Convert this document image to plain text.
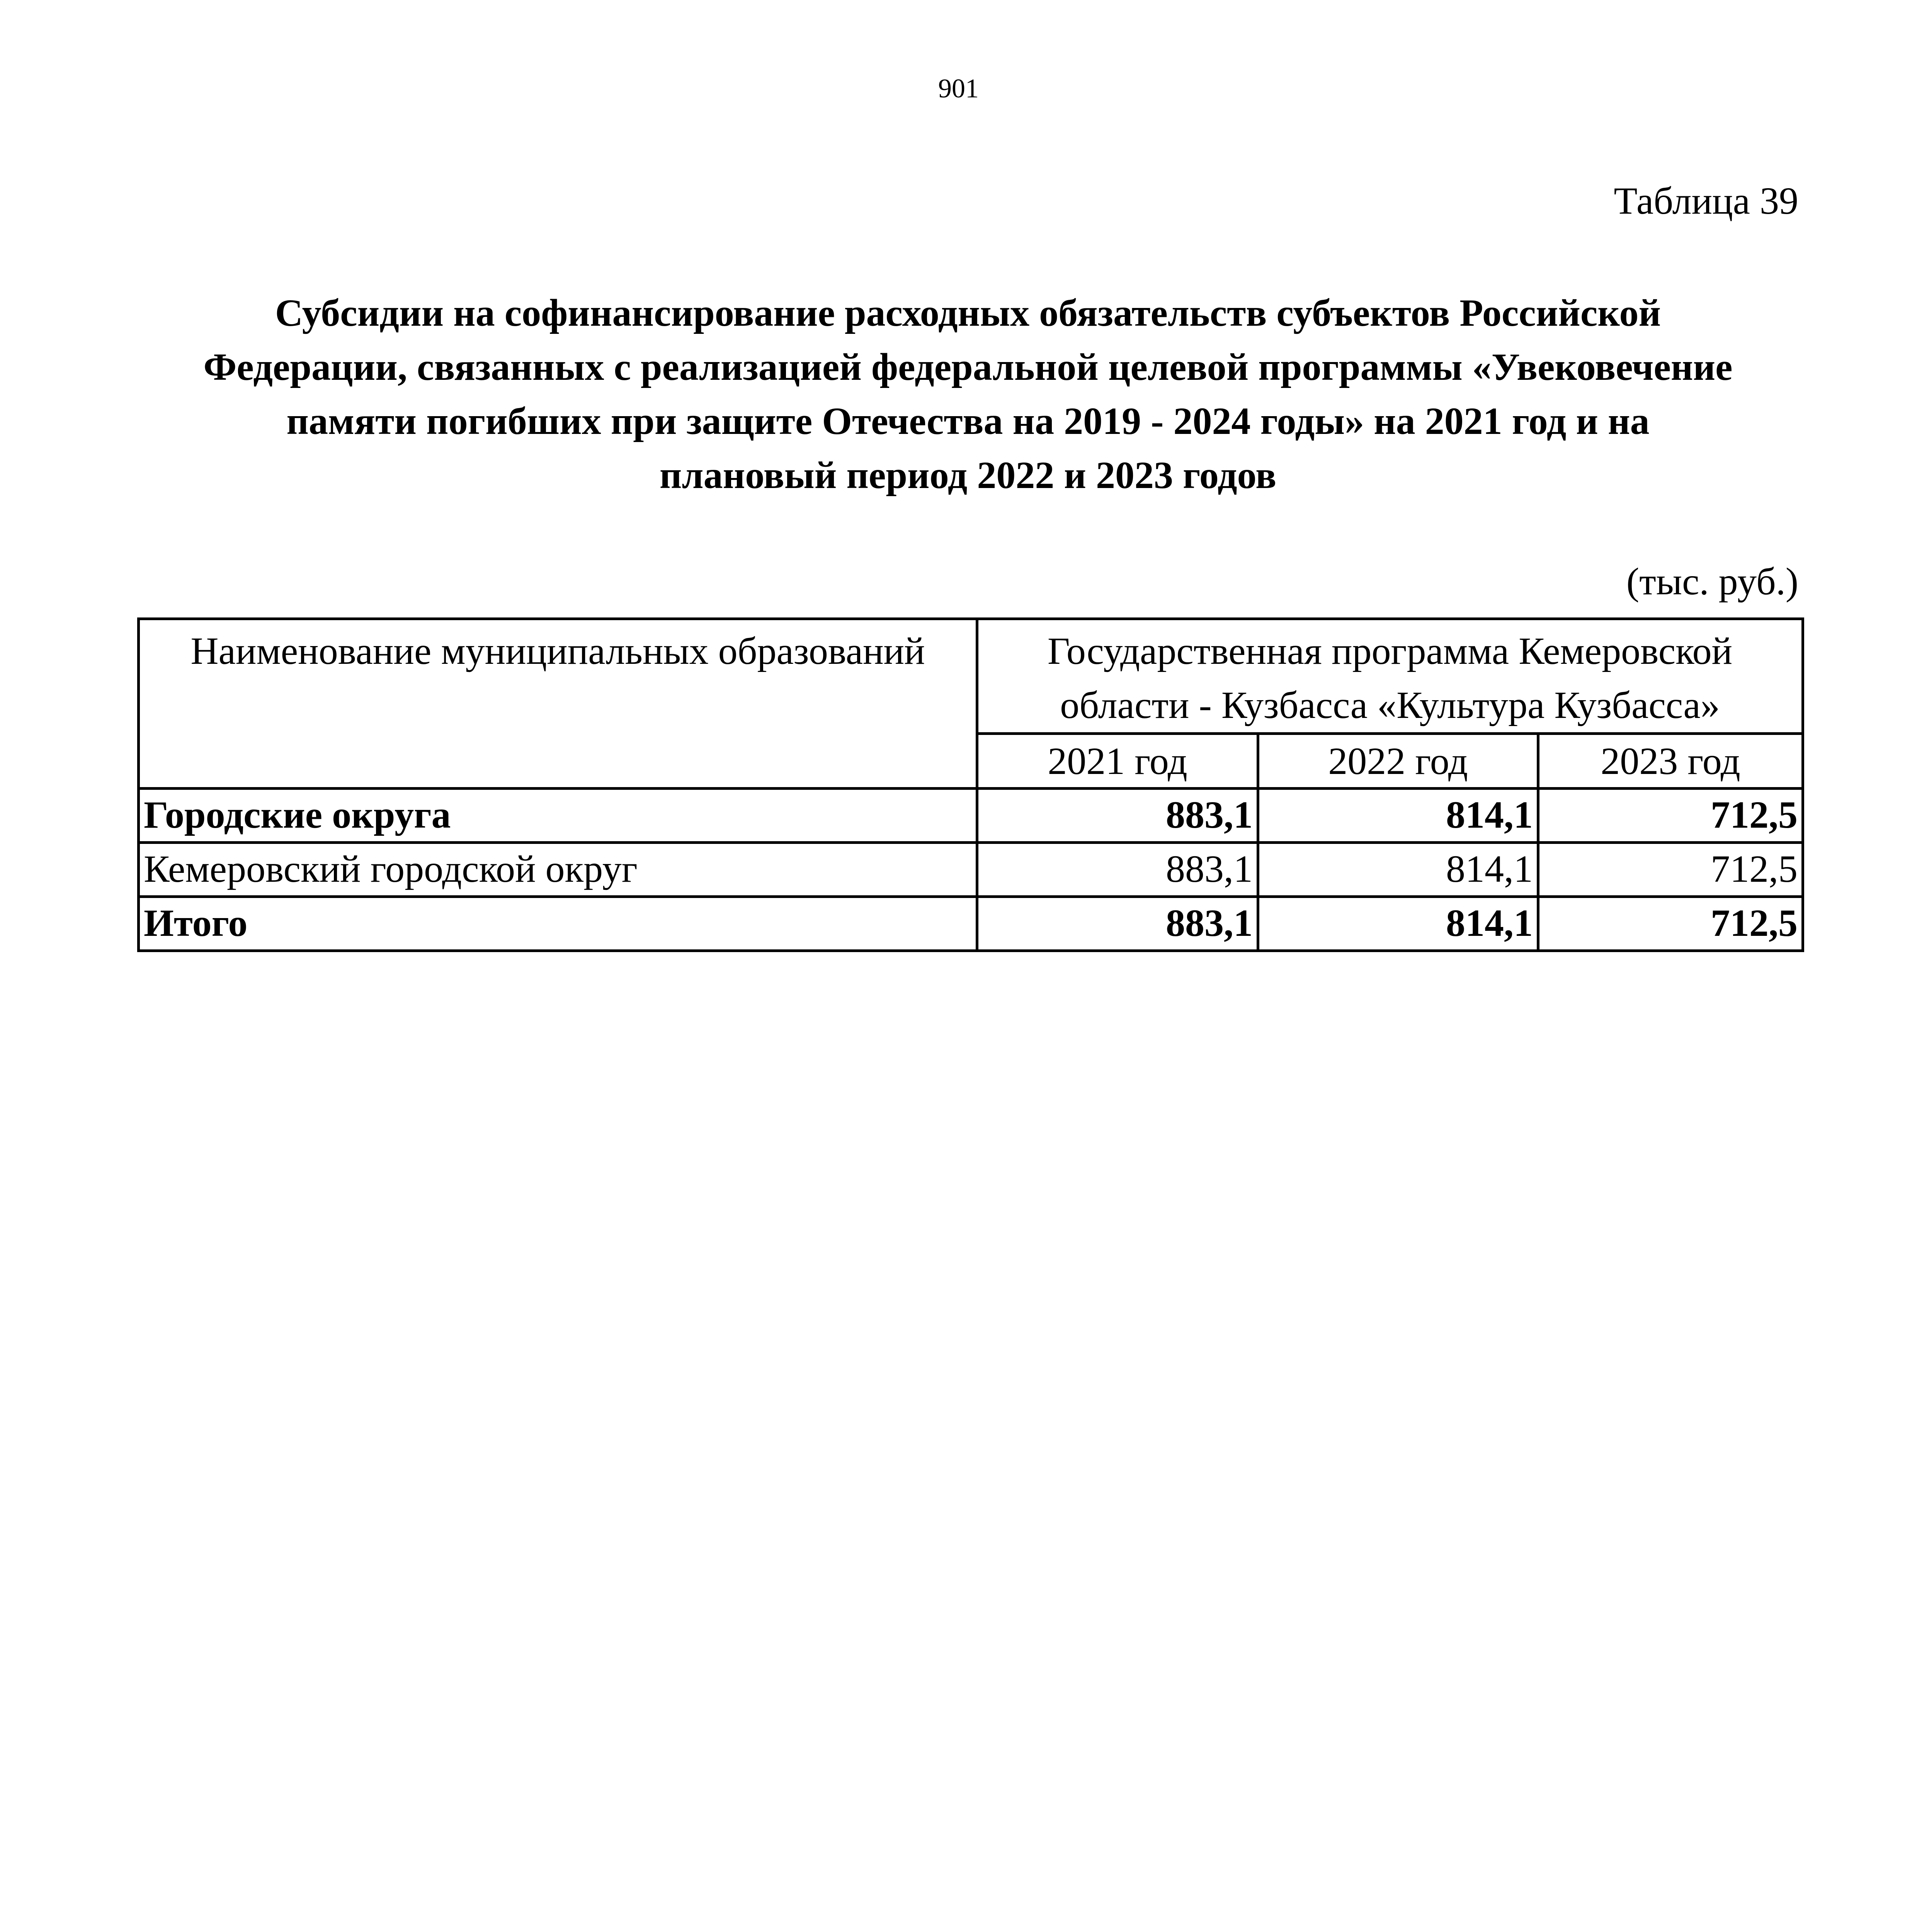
901
Таблица 39
Субсидии на софинансирование расходных обязательств субъектов Российской
Федерации, связанных с реализацией федеральной целевой программы «Увековечение
памяти погибших при защите Отечества на 2019 - 2024 годы» на 2021 год и на
плановый период 2022 и 2023 годов
(тыс. руб.)
Наименование муниципальных образований	Государственная программа Кемеровской
области - Кузбасса «Культура Кузбасса»		
	2021 год	2022 год	2023 год
Городские округа	883,1	814,1	712,5
Кемеровский городской округ	883,1	814,1	712,5
Итого	883,1	814,1	712,5
